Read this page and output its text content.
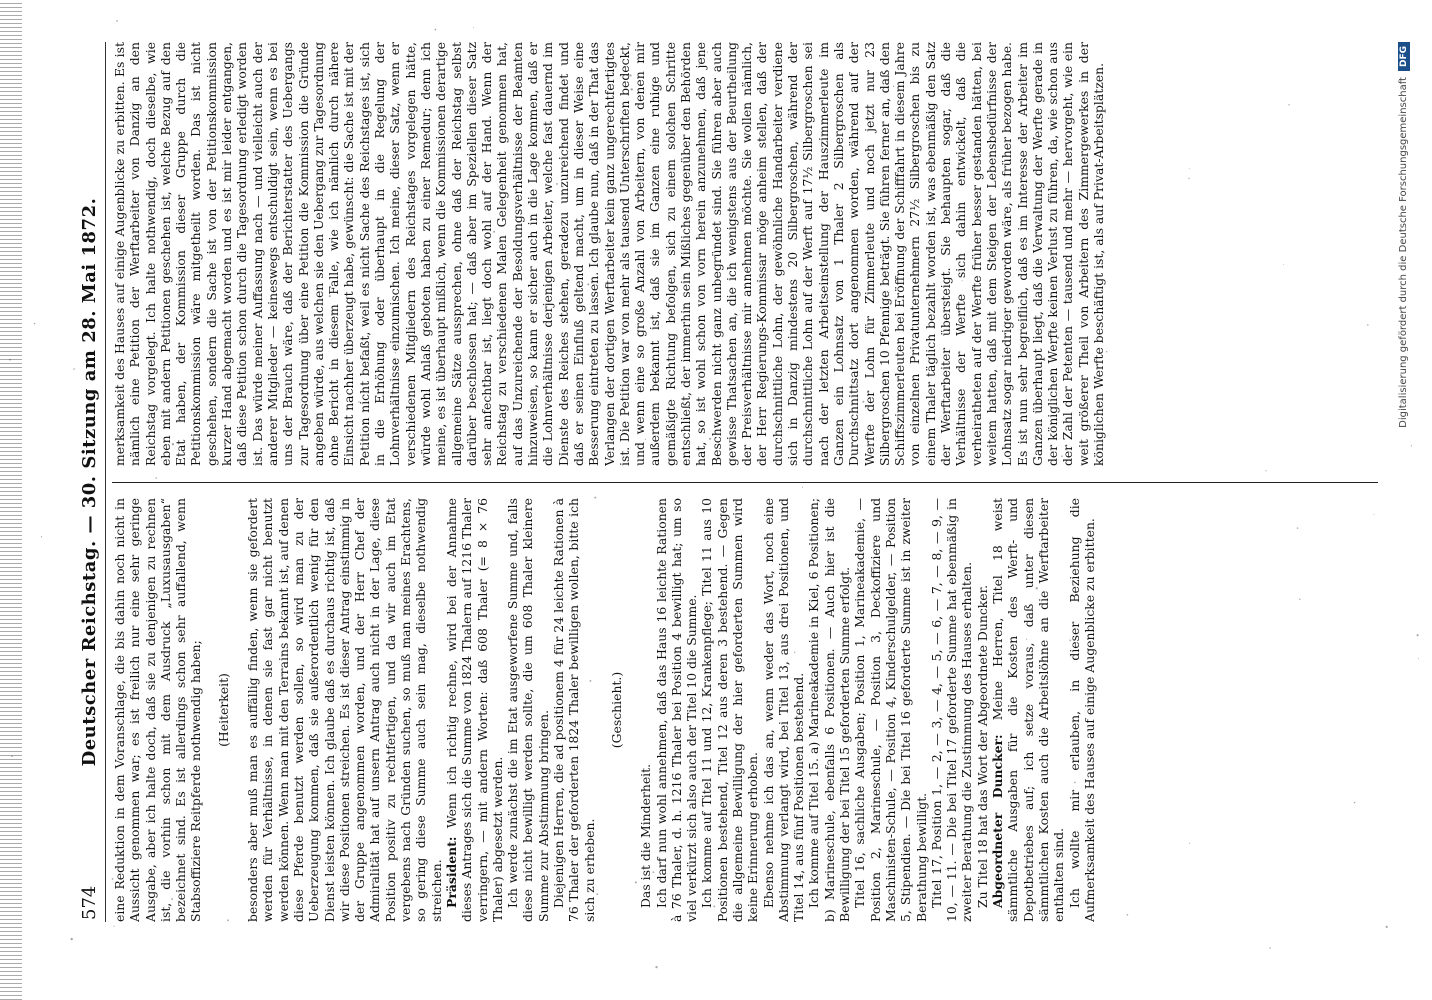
574
Deutscher Reichstag. — 30. Sitzung am 28. Mai 1872. eine Reduktion in dem Voranschlage, die bis dahin noch nicht in Aussicht genommen war; es ist freilich nur eine sehr geringe Ausgabe, aber ich halte doch, daß sie zu denjenigen zu rechnen ist, die vorhin schon mit dem Ausdruck „Luxusausgaben“ bezeichnet sind. Es ist allerdings schon sehr auffallend, wenn Stabsoffiziere Reitpferde nothwendig haben; (Heiterkeit) besonders aber muß man es auffällig finden, wenn sie gefordert werden für Verhältnisse, in denen sie fast gar nicht benutzt werden können. Wenn man mit den Terrains bekannt ist, auf denen diese Pferde benutzt werden sollen, so wird man zu der Ueberzeugung kommen, daß sie außerordentlich wenig für den Dienst leisten können. Ich glaube daß es durchaus richtig ist, daß wir diese Positionen streichen. Es ist dieser Antrag einstimmig in der Gruppe angenommen worden, und der Herr Chef der Admiralität hat auf unsern Antrag auch nicht in der Lage, diese Position positiv zu rechtfertigen, und da wir auch im Etat vergebens nach Gründen suchen, so muß man meines Erachtens, so gering diese Summe auch sein mag, dieselbe nothwendig streichen. Präsident: Wenn ich richtig rechne, wird bei der Annahme dieses Antrages sich die Summe von 1824 Thalern auf 1216 Thaler verringern, — mit andern Worten: daß 608 Thaler (= 8 × 76 Thaler) abgesetzt werden. Ich werde zunächst die im Etat ausgeworfene Summe und, falls diese nicht bewilligt werden sollte, die um 608 Thaler kleinere Summe zur Abstimmung bringen. Diejenigen Herren, die ad positionem 4 für 24 leichte Rationen à 76 Thaler der geforderten 1824 Thaler bewilligen wollen, bitte ich sich zu erheben.

(Geschieht.)

Das ist die Minderheit. Ich darf nun wohl annehmen, daß das Haus 16 leichte Rationen à 76 Thaler, d. h. 1216 Thaler bei Position 4 bewilligt hat; um so viel verkürzt sich also auch der Titel 10 die Summe. Ich komme auf Titel 11 und 12, Krankenpflege; Titel 11 aus 10 Positionen bestehend, Titel 12 aus deren 3 bestehend. — Gegen die allgemeine Bewilligung der hier geforderten Summen wird keine Erinnerung erhoben. Ebenso nehme ich das an, wenn weder das Wort, noch eine Abstimmung verlangt wird, bei Titel 13, aus drei Positionen, und Titel 14, aus fünf Positionen bestehend. Ich komme auf Titel 15. a) Marineakademie in Kiel, 6 Positionen; b) Marineschule, ebenfalls 6 Positionen. — Auch hier ist die Bewilligung der bei Titel 15 geforderten Summe erfolgt. Titel 16, sachliche Ausgaben; Position 1, Marineakademie, — Position 2, Marineschule, — Position 3, Deckoffiziere und Maschinisten-Schule, — Position 4, Kinderschulgelder, — Position 5, Stipendien. — Die bei Titel 16 geforderte Summe ist in zweiter Berathung bewilligt. Titel 17, Position 1, — 2, — 3, — 4, — 5, — 6, — 7, — 8, — 9, — 10, — 11. — Die bei Titel 17 geforderte Summe hat ebenmäßig in zweiter Berathung die Zustimmung des Hauses erhalten. Zu Titel 18 hat das Wort der Abgeordnete Duncker. Abgeordneter Duncker: Meine Herren, Titel 18 weist sämmtliche Ausgaben für die Kosten des Werft- und Depotbetriebes auf; ich setze voraus, daß unter diesen sämmtlichen Kosten auch die Arbeitslöhne an die Werftarbeiter enthalten sind. Ich wollte mir erlauben, in dieser Beziehung die Aufmerksamkeit des Hauses auf einige Augenblicke zu erbitten.

merksamkeit des Hauses auf einige Augenblicke zu erbitten. Es ist nämlich eine Petition der Werftarbeiter von Danzig an den Reichstag vorgelegt. Ich halte nothwendig, doch dieselbe, wie eben mit andern Petitionen geschehen ist, welche Bezug auf den Etat haben, der Kommission dieser Gruppe durch die Petitionskommission wäre mitgetheilt worden. Das ist nicht geschehen, sondern die Sache ist von der Petitionskommission kurzer Hand abgemacht worden und es ist mir leider entgangen, daß diese Petition schon durch die Tagesordnung erledigt worden ist. Das würde meiner Auffassung nach — und vielleicht auch der anderer Mitglieder — keineswegs entschuldigt sein, wenn es bei uns der Brauch wäre, daß der Berichterstatter des Uebergangs zur Tagesordnung über eine Petition die Kommission die Gründe angeben würde, aus welchen sie den Uebergang zur Tagesordnung ohne Bericht in diesem Falle, wie ich nämlich durch nähere Einsicht nachher überzeugt habe, gewünscht: die Sache ist mit der Petition nicht befaßt, weil es nicht Sache des Reichstages ist, sich in die Erhöhung oder überhaupt in die Regelung der Lohnverhältnisse einzumischen. Ich meine, dieser Satz, wenn er verschiedenen Mitgliedern des Reichstages vorgelegen hätte, würde wohl Anlaß geboten haben zu einer Remedur; denn ich meine, es ist überhaupt mißlich, wenn die Kommissionen derartige allgemeine Sätze aussprechen, ohne daß der Reichstag selbst darüber beschlossen hat; — daß aber im Speziellen dieser Satz sehr anfechtbar ist, liegt doch wohl auf der Hand. Wenn der Reichstag zu verschiedenen Malen Gelegenheit genommen hat, auf das Unzureichende der Besoldungsverhältnisse der Beamten hinzuweisen, so kann er sicher auch in die Lage kommen, daß er die Lohnverhältnisse derjenigen Arbeiter, welche fast dauernd im Dienste des Reiches stehen, geradezu unzureichend findet und daß er seinen Einfluß geltend macht, um in dieser Weise eine Besserung eintreten zu lassen. Ich glaube nun, daß in der That das Verlangen der dortigen Werftarbeiter kein ganz ungerechtfertigtes ist. Die Petition war von mehr als tausend Unterschriften bedeckt, und wenn eine so große Anzahl von Arbeitern, von denen mir außerdem bekannt ist, daß sie im Ganzen eine ruhige und gemäßigte Richtung befolgen, sich zu einem solchen Schritte entschließt, der immerhin sein Mißliches gegenüber den Behörden hat, so ist wohl schon von vorn herein anzunehmen, daß jene Beschwerden nicht ganz unbegründet sind. Sie führen aber auch gewisse Thatsachen an, die ich wenigstens aus der Beurtheilung der Preisverhältnisse mir annehmen möchte. Sie wollen nämlich, der Herr Regierungs-Kommissar möge anheim stellen, daß der durchschnittliche Lohn, der gewöhnliche Handarbeiter verdiene sich in Danzig mindestens 20 Silbergroschen, während der durchschnittliche Lohn auf der Werft auf 17½ Silbergroschen sei nach der letzten Arbeitseinstellung der Hauszimmerleute im Ganzen ein Lohnsatz von 1 Thaler 2 Silbergroschen als Durchschnittsatz dort angenommen worden, während auf der Werfte der Lohn für Zimmerleute und noch jetzt nur 23 Silbergroschen 10 Pfennige beträgt. Sie führen ferner an, daß den Schiffszimmerleuten bei Eröffnung der Schifffahrt in diesem Jahre von einzelnen Privatunternehmern 27½ Silbergroschen bis zu einem Thaler täglich bezahlt worden ist, was ebenmäßig den Satz der Werftarbeiter übersteigt. Sie behaupten sogar, daß die Verhältnisse der Werfte sich dahin entwickelt, daß die verheiratheten auf der Werfte früher besser gestanden hätten, bei weitem hatten, daß mit dem Steigen der Lebensbedürfnisse der Lohnsatz sogar niedriger geworden wäre, als früher bezogen habe. Es ist nun sehr begreiflich, daß es im Interesse der Arbeiter im Ganzen überhaupt liegt, daß die Verwaltung der Werfte gerade in der königlichen Werfte keinen Verlust zu führen, da, wie schon aus der Zahl der Petenten — tausend und mehr — hervorgeht, wie ein weit größerer Theil von Arbeitern des Zimmergewerkes in der königlichen Werfte beschäftigt ist, als auf Privat-Arbeitsplätzen.	Digitalisierung gefördert durch die Deutsche ForschungsgemeinschaftDFG
